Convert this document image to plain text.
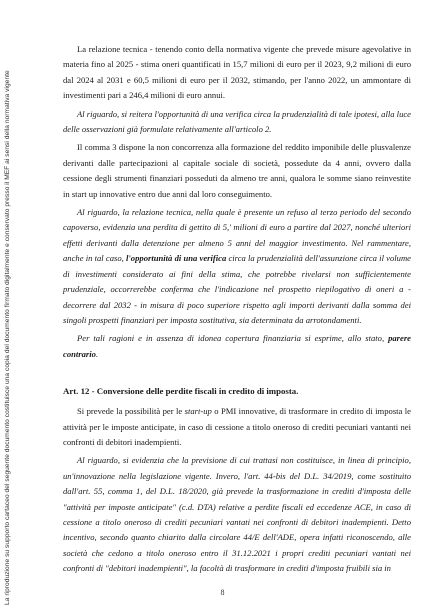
La riproduzione su supporto cartaceo del seguente documento costituisce una copia del documento firmato digitalmente e conservato presso il MEF ai sensi della normativa vigente

La relazione tecnica - tenendo conto della normativa vigente che prevede misure agevolative in materia fino al 2025 - stima oneri quantificati in 15,7 milioni di euro per il 2023, 9,2 milioni di euro dal 2024 al 2031 e 60,5 milioni di euro per il 2032, stimando, per l'anno 2022, un ammontare di investimenti pari a 246,4 milioni di euro annui.

Al riguardo, si reitera l'opportunità di una verifica circa la prudenzialità di tale ipotesi, alla luce delle osservazioni già formulate relativamente all'articolo 2.

Il comma 3 dispone la non concorrenza alla formazione del reddito imponibile delle plusvalenze derivanti dalle partecipazioni al capitale sociale di società, possedute da 4 anni, ovvero dalla cessione degli strumenti finanziari posseduti da almeno tre anni, qualora le somme siano reinvestite in start up innovative entro due anni dal loro conseguimento.

Al riguardo, la relazione tecnica, nella quale è presente un refuso al terzo periodo del secondo capoverso, evidenzia una perdita di gettito di 5,' milioni di euro a partire dal 2027, nonché ulteriori effetti derivanti dalla detenzione per almeno 5 anni del maggior investimento. Nel rammentare, anche in tal caso, l'opportunità di una verifica circa la prudenzialità dell'assunzione circa il volume di investimenti considerato ai fini della stima, che potrebbe rivelarsi non sufficientemente prudenziale, occorrerebbe conferma che l'indicazione nel prospetto riepilogativo di oneri a - decorrere dal 2032 - in misura di poco superiore rispetto agli importi derivanti dalla somma dei singoli prospetti finanziari per imposta sostitutiva, sia determinata da arrotondamenti.

Per tali ragioni e in assenza di idonea copertura finanziaria si esprime, allo stato, parere contrario.

Art. 12 - Conversione delle perdite fiscali in credito di imposta.

Si prevede la possibilità per le start-up o PMI innovative, di trasformare in credito di imposta le attività per le imposte anticipate, in caso di cessione a titolo oneroso di crediti pecuniari vantanti nei confronti di debitori inadempienti.

Al riguardo, si evidenzia che la previsione di cui trattasi non costituisce, in linea di principio, un'innovazione nella legislazione vigente. Invero, l'art. 44-bis del D.L. 34/2019, come sostituito dall'art. 55, comma 1, del D.L. 18/2020, già prevede la trasformazione in crediti d'imposta delle "attività per imposte anticipate" (c.d. DTA) relative a perdite fiscali ed eccedenze ACE, in caso di cessione a titolo oneroso di crediti pecuniari vantati nei confronti di debitori inadempienti. Detto incentivo, secondo quanto chiarito dalla circolare 44/E dell'ADE, opera infatti riconoscendo, alle società che cedono a titolo oneroso entro il 31.12.2021 i propri crediti pecuniari vantati nei confronti di "debitori inadempienti", la facoltà di trasformare in crediti d'imposta fruibili sia in

8
